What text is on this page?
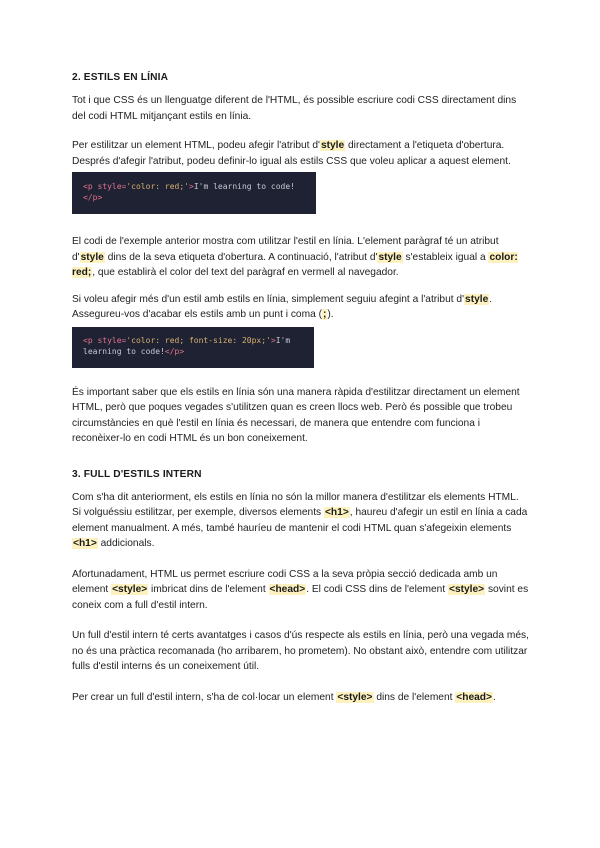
2. ESTILS EN LÍNIA

Tot i que CSS és un llenguatge diferent de l'HTML, és possible escriure codi CSS directament dins del codi HTML mitjançant estils en línia.

Per estilitzar un element HTML, podeu afegir l'atribut d'style directament a l'etiqueta d'obertura. Després d'afegir l'atribut, podeu definir-lo igual als estils CSS que voleu aplicar a aquest element.

<p style='color: red;'>I'm learning to code!
</p>

El codi de l'exemple anterior mostra com utilitzar l'estil en línia. L'element paràgraf té un atribut d'style dins de la seva etiqueta d'obertura. A continuació, l'atribut d'style s'estableix igual a color: red;, que establirà el color del text del paràgraf en vermell al navegador.

Si voleu afegir més d'un estil amb estils en línia, simplement seguiu afegint a l'atribut d'style. Assegureu-vos d'acabar els estils amb un punt i coma (;).

<p style='color: red; font-size: 20px;'>I'm
learning to code!</p>

És important saber que els estils en línia són una manera ràpida d'estilitzar directament un element HTML, però que poques vegades s'utilitzen quan es creen llocs web. Però és possible que trobeu circumstàncies en què l'estil en línia és necessari, de manera que entendre com funciona i reconèixer-lo en codi HTML és un bon coneixement.

3. FULL D'ESTILS INTERN

Com s'ha dit anteriorment, els estils en línia no són la millor manera d'estilitzar els elements HTML. Si volguéssiu estilitzar, per exemple, diversos elements <h1>, haureu d'afegir un estil en línia a cada element manualment. A més, també hauríeu de mantenir el codi HTML quan s'afegeixin elements <h1> addicionals.

Afortunadament, HTML us permet escriure codi CSS a la seva pròpia secció dedicada amb un element <style> imbricat dins de l'element <head>. El codi CSS dins de l'element <style> sovint es coneix com a full d'estil intern.

Un full d'estil intern té certs avantatges i casos d'ús respecte als estils en línia, però una vegada més, no és una pràctica recomanada (ho arribarem, ho prometem). No obstant això, entendre com utilitzar fulls d'estil interns és un coneixement útil.

Per crear un full d'estil intern, s'ha de col·locar un element <style> dins de l'element <head>.
